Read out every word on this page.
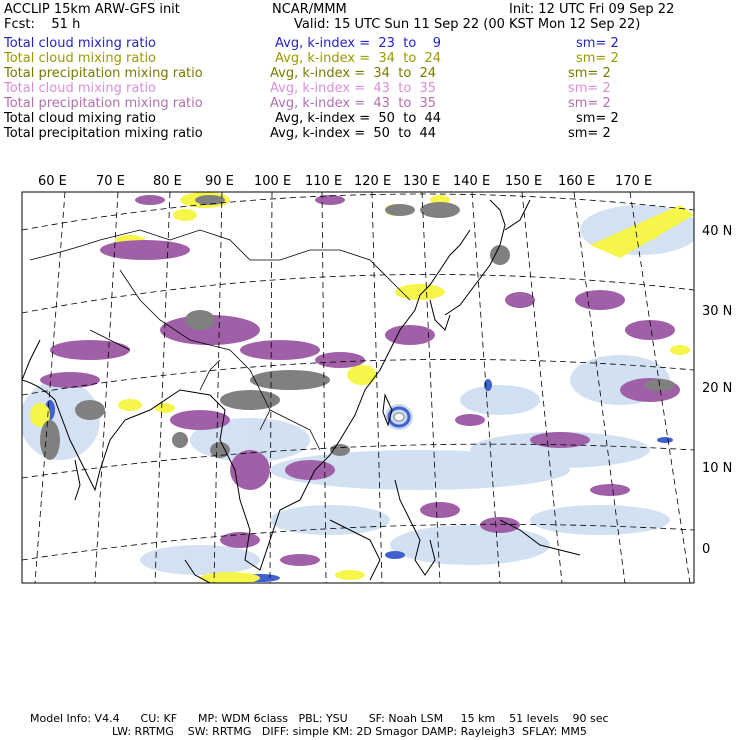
ACCLIP 15km ARW-GFS init	NCAR/MMM	Init: 12 UTC Fri 09 Sep 22
Fcst:    51 h	Valid: 15 UTC Sun 11 Sep 22 (00 KST Mon 12 Sep 22)
Total cloud mixing ratio	Avg, k-index =  23  to    9	sm= 2
Total cloud mixing ratio	Avg, k-index =  34  to  24	sm= 2
Total precipitation mixing ratio	Avg, k-index =  34  to  24	sm= 2
Total cloud mixing ratio	Avg, k-index =  43  to  35	sm= 2
Total precipitation mixing ratio	Avg, k-index =  43  to  35	sm= 2
Total cloud mixing ratio	Avg, k-index =  50  to  44	sm= 2
Total precipitation mixing ratio	Avg, k-index =  50  to  44	sm= 2
60 E 70 E 80 E 90 E 100 E 110 E 120 E 130 E 140 E 150 E 160 E 170 E
40 N
30 N
20 N
10 N
0
Model Info: V4.4      CU: KF      MP: WDM 6class   PBL: YSU      SF: Noah LSM     15 km    51 levels    90 sec
LW: RRTMG    SW: RRTMG   DIFF: simple KM: 2D Smagor DAMP: Rayleigh3  SFLAY: MM5
